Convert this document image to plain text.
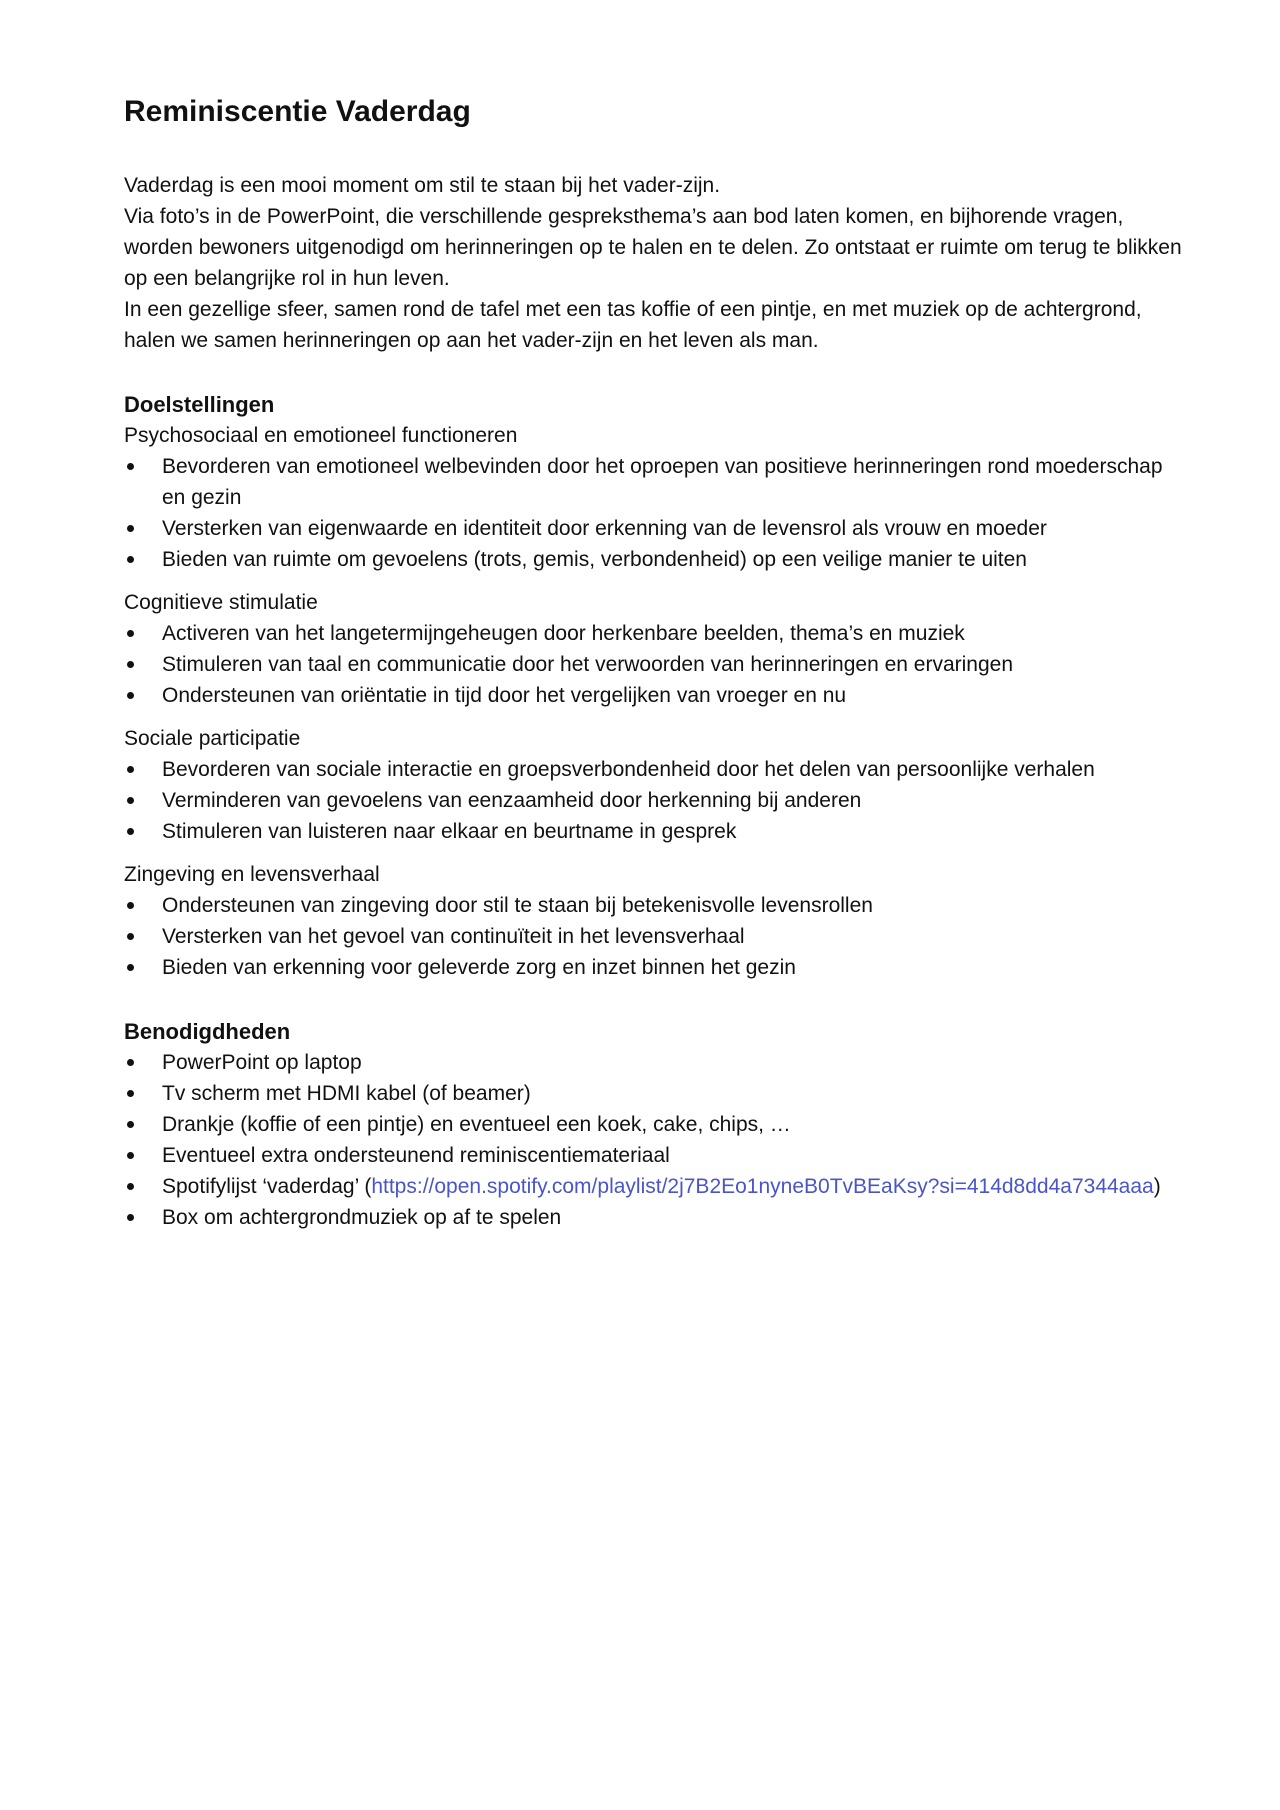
Reminiscentie Vaderdag

Vaderdag is een mooi moment om stil te staan bij het vader-zijn.

Via foto’s in de PowerPoint, die verschillende gespreksthema’s aan bod laten komen, en bijhorende vragen, worden bewoners uitgenodigd om herinneringen op te halen en te delen. Zo ontstaat er ruimte om terug te blikken op een belangrijke rol in hun leven.

In een gezellige sfeer, samen rond de tafel met een tas koffie of een pintje, en met muziek op de achtergrond, halen we samen herinneringen op aan het vader-zijn en het leven als man.

Doelstellingen
Psychosociaal en emotioneel functioneren
Bevorderen van emotioneel welbevinden door het oproepen van positieve herinneringen rond moederschap en gezin
Versterken van eigenwaarde en identiteit door erkenning van de levensrol als vrouw en moeder
Bieden van ruimte om gevoelens (trots, gemis, verbondenheid) op een veilige manier te uiten
Cognitieve stimulatie
Activeren van het langetermijngeheugen door herkenbare beelden, thema’s en muziek
Stimuleren van taal en communicatie door het verwoorden van herinneringen en ervaringen
Ondersteunen van oriëntatie in tijd door het vergelijken van vroeger en nu
Sociale participatie
Bevorderen van sociale interactie en groepsverbondenheid door het delen van persoonlijke verhalen
Verminderen van gevoelens van eenzaamheid door herkenning bij anderen
Stimuleren van luisteren naar elkaar en beurtname in gesprek
Zingeving en levensverhaal
Ondersteunen van zingeving door stil te staan bij betekenisvolle levensrollen
Versterken van het gevoel van continuïteit in het levensverhaal
Bieden van erkenning voor geleverde zorg en inzet binnen het gezin
Benodigdheden
PowerPoint op laptop
Tv scherm met HDMI kabel (of beamer)
Drankje (koffie of een pintje) en eventueel een koek, cake, chips, …
Eventueel extra ondersteunend reminiscentiemateriaal
Spotifylijst ‘vaderdag’ (https://open.spotify.com/playlist/2j7B2Eo1nyneB0TvBEaKsy?si=414d8dd4a7344aaa)
Box om achtergrondmuziek op af te spelen
